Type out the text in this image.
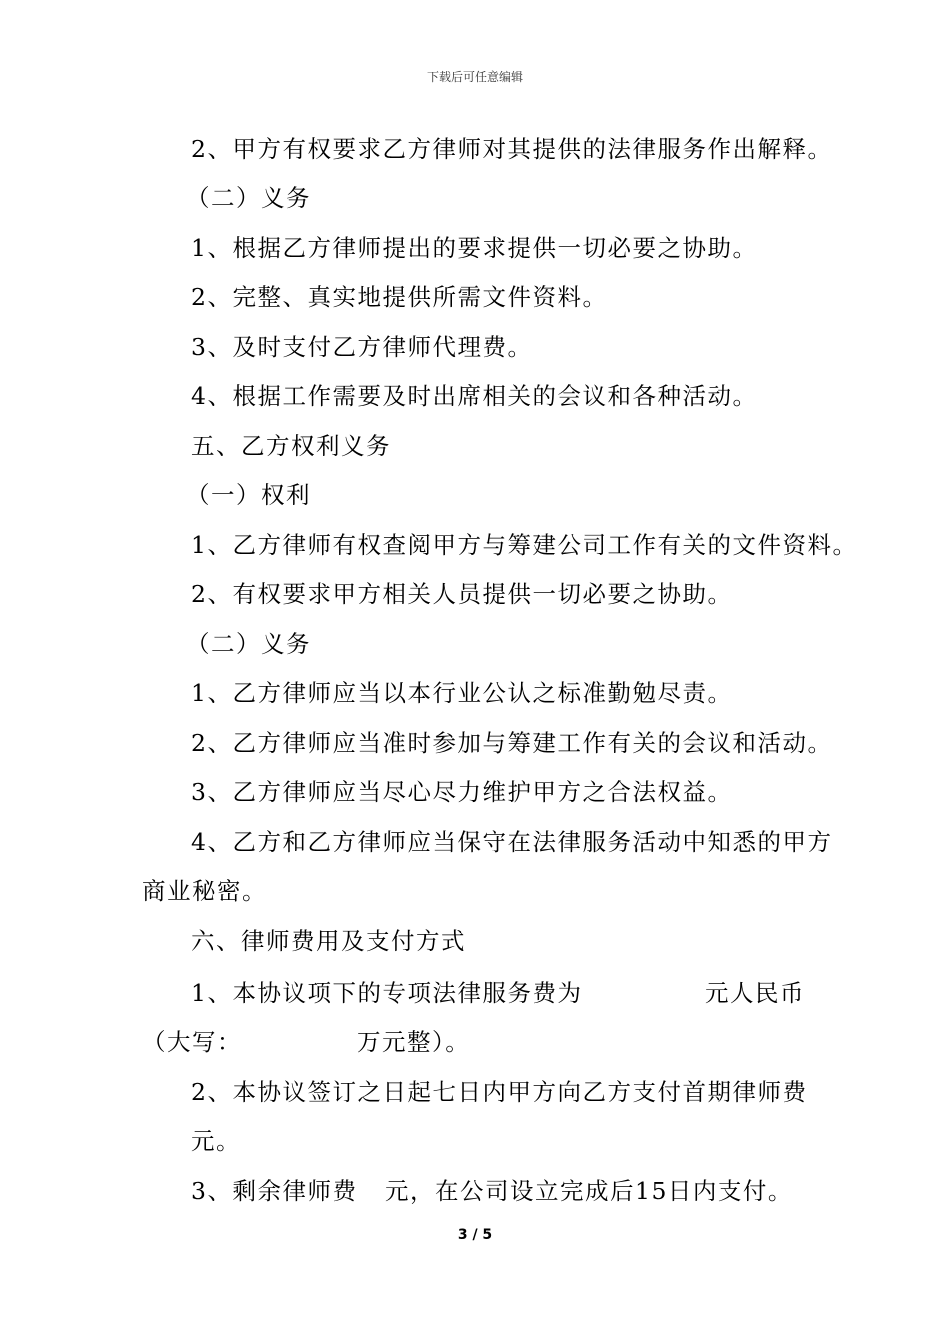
下载后可任意编辑
2、甲方有权要求乙方律师对其提供的法律服务作出解释。
（二）义务
1、根据乙方律师提出的要求提供一切必要之协助。
2、完整、真实地提供所需文件资料。
3、及时支付乙方律师代理费。
4、根据工作需要及时出席相关的会议和各种活动。
五、乙方权利义务
（一）权利
1、乙方律师有权查阅甲方与筹建公司工作有关的文件资料。
2、有权要求甲方相关人员提供一切必要之协助。
（二）义务
1、乙方律师应当以本行业公认之标准勤勉尽责。
2、乙方律师应当准时参加与筹建工作有关的会议和活动。
3、乙方律师应当尽心尽力维护甲方之合法权益。
4、乙方和乙方律师应当保守在法律服务活动中知悉的甲方
商业秘密。
六、律师费用及支付方式
1、本协议项下的专项法律服务费为	元人民币
（大写：	万元整）。
2、本协议签订之日起七日内甲方向乙方支付首期律师费
元。
3、剩余律师费 元，在公司设立完成后15日内支付。
3 / 5
